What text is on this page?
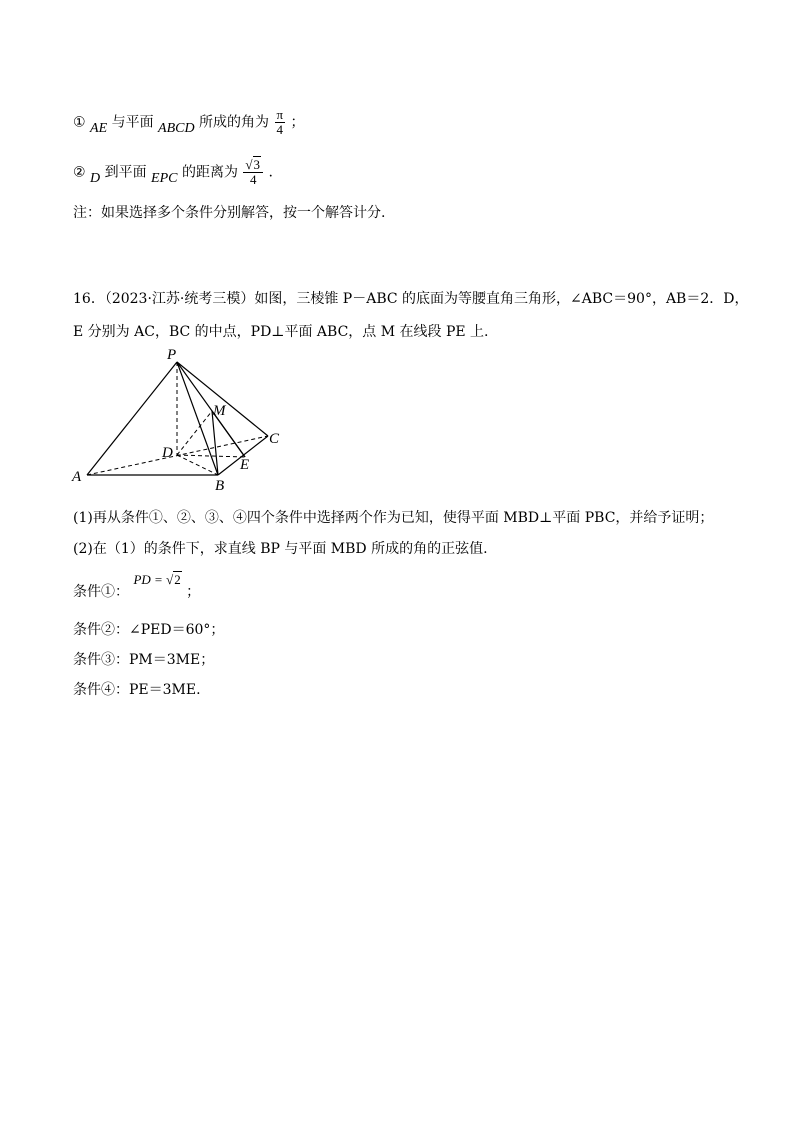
① AE 与平面 ABCD 所成的角为 $\frac{\pi}{4}$ ；
② D 到平面 EPC 的距离为 $\frac{√3}{4}$ .
注：如果选择多个条件分别解答，按一个解答计分.
16．（2023·江苏·统考三模）如图，三棱锥 P－ABC 的底面为等腰直角三角形，∠ABC＝90°，AB＝2．D，
E 分别为 AC，BC 的中点，PD⊥平面 ABC，点 M 在线段 PE 上.
P
M
C
D
E
A
B
(1)再从条件①、②、③、④四个条件中选择两个作为已知，使得平面 MBD⊥平面 PBC，并给予证明；
(2)在（1）的条件下，求直线 BP 与平面 MBD 所成的角的正弦值.
条件①： PD = √2 ；
条件②：∠PED＝60°；
条件③：PM＝3ME；
条件④：PE＝3ME.
